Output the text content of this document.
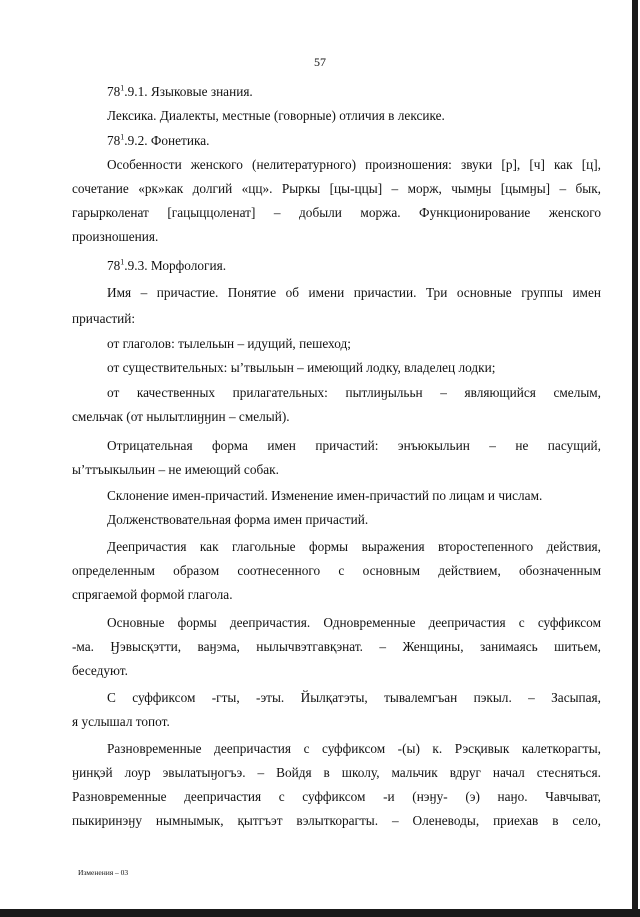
57
$78^1.9.1$. Языковые знания.
Лексика. Диалекты, местные (говорные) отличия в лексике.
$78^1.9.2$. Фонетика.
Особенности женского (нелитературного) произношения: звуки [р], [ч] как [ц],
сочетание «рк»как долгий «цц». Рыркы [цы-ццы] – морж, чымӈы [цымӈы] – бык,
гарырколенат [гацыццоленат] – добыли моржа. Функционирование женского
произношения.
$78^1.9.3$. Морфология.
Имя – причастие. Понятие об имени причастии. Три основные группы имен
причастий:
от глаголов: тылельын – идущий, пешеход;
от существительных: ы’твыльын – имеющий лодку, владелец лодки;
от качественных прилагательных: пытлиӈылььн – являющийся смелым,
смельчак (от нылытлиӈӈин – смелый).
Отрицательная форма имен причастий: энъюкыльин – не пасущий,
ы’ттъыкыльин – не имеющий собак.
Склонение имен-причастий. Изменение имен-причастий по лицам и числам.
Долженствовательная форма имен причастий.
Деепричастия как глагольные формы выражения второстепенного действия,
определенным образом соотнесенного с основным действием, обозначенным
спрягаемой формой глагола.
Основные формы деепричастия. Одновременные деепричастия с суффиксом
-ма. Ӈэвысқэтти, ваӈэма, нылычвэтгавқэнат. – Женщины, занимаясь шитьем,
беседуют.
С суффиксом -гты, -эты. Йылқатэты, тывалемгъан пэкыл. – Засыпая,
я услышал топот.
Разновременные деепричастия с суффиксом -(ы) к. Рэсқивык калеткорагты,
ӈинқэй лоур эвылатыӈогъэ. – Войдя в школу, мальчик вдруг начал стесняться.
Разновременные деепричастия с суффиксом -и (нэӈу- (э) наӈо. Чавчыват,
пыкиринэӈу нымнымык, қытгъэт вэлыткорагты. – Оленеводы, приехав в село,
Изменения – 03
